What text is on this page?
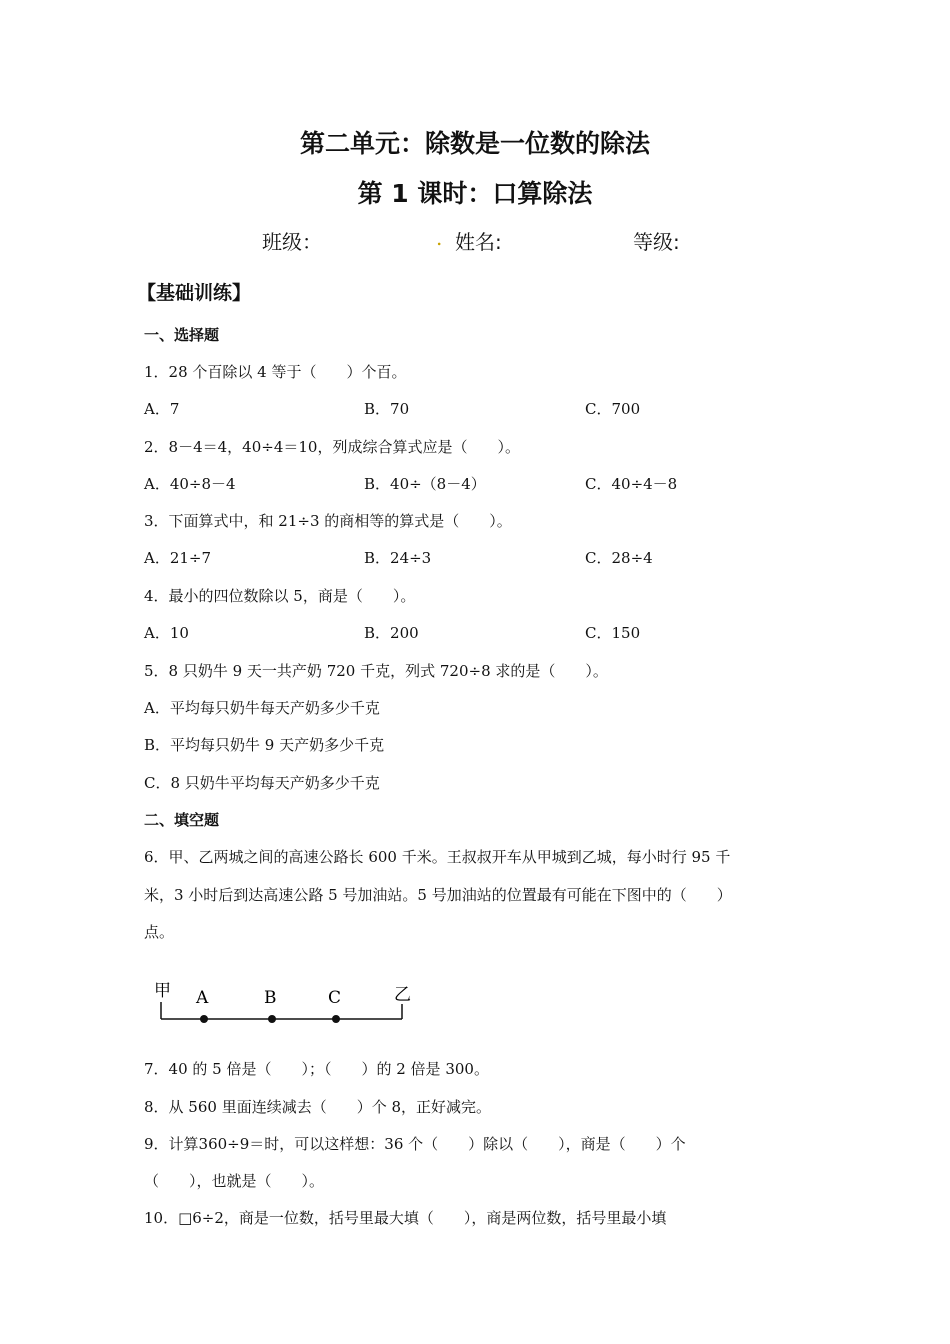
第二单元：除数是一位数的除法
第 1 课时：口算除法
班级：	. 姓名:	等级:
【基础训练】
一、选择题
1．28 个百除以 4 等于（　　）个百。
A．7	B．70	C．700
2．8－4＝4，40÷4＝10，列成综合算式应是（　　）。
A．40÷8－4	B．40÷（8－4）	C．40÷4－8
3．下面算式中，和 21÷3 的商相等的算式是（　　）。
A．21÷7	B．24÷3	C．28÷4
4．最小的四位数除以 5，商是（　　）。
A．10	B．200	C．150
5．8 只奶牛 9 天一共产奶 720 千克，列式 720÷8 求的是（　　）。
A．平均每只奶牛每天产奶多少千克
B．平均每只奶牛 9 天产奶多少千克
C．8 只奶牛平均每天产奶多少千克
二、填空题
6．甲、乙两城之间的高速公路长 600 千米。王叔叔开车从甲城到乙城，每小时行 95 千
米，3 小时后到达高速公路 5 号加油站。5 号加油站的位置最有可能在下图中的（　　）
点。
甲 A	B	C	乙
7．40 的 5 倍是（　　）；（　　）的 2 倍是 300。
8．从 560 里面连续减去（　　）个 8，正好减完。
9．计算360÷9＝时，可以这样想：36 个（　　）除以（　　），商是（　　）个
（　　），也就是（　　）。
10．□6÷2，商是一位数，括号里最大填（　　），商是两位数，括号里最小填
